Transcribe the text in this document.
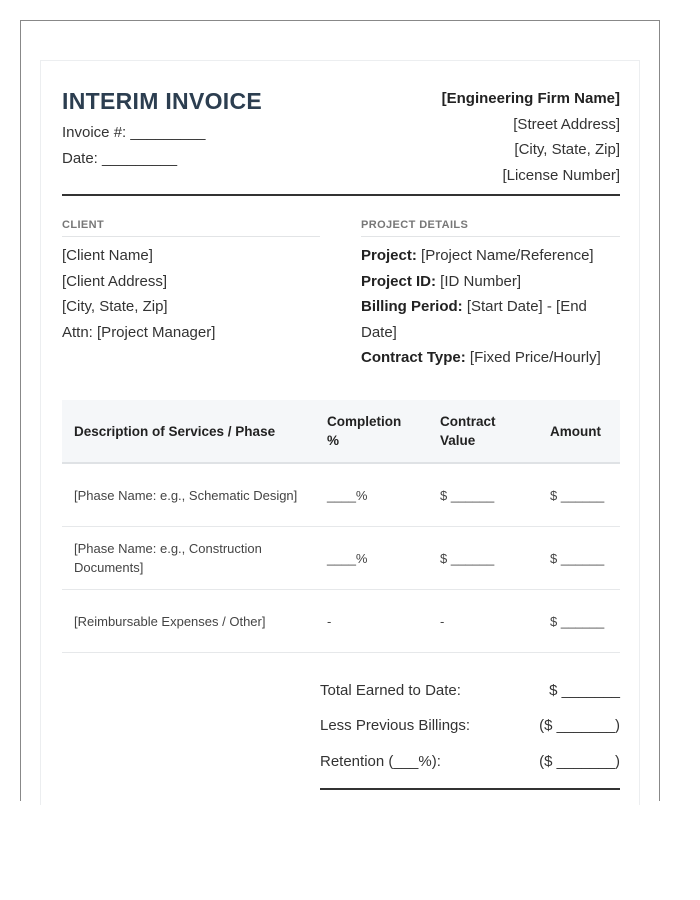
INTERIM INVOICE
Invoice #: _________
Date: _________
[Engineering Firm Name]
[Street Address]
[City, State, Zip]
[License Number]
CLIENT
[Client Name]
[Client Address]
[City, State, Zip]
Attn: [Project Manager]
PROJECT DETAILS
Project: [Project Name/Reference]
Project ID: [ID Number]
Billing Period: [Start Date] - [End
Date]
Contract Type: [Fixed Price/Hourly]
Description of Services / Phase	Completion %	Contract Value	Amount
[Phase Name: e.g., Schematic Design]	____%	$ ______	$ ______
[Phase Name: e.g., Construction Documents]	____%	$ ______	$ ______
[Reimbursable Expenses / Other]	-	-	$ ______
Total Earned to Date:	$ _______
Less Previous Billings:	($ _______)
Retention (___%):	($ _______)
